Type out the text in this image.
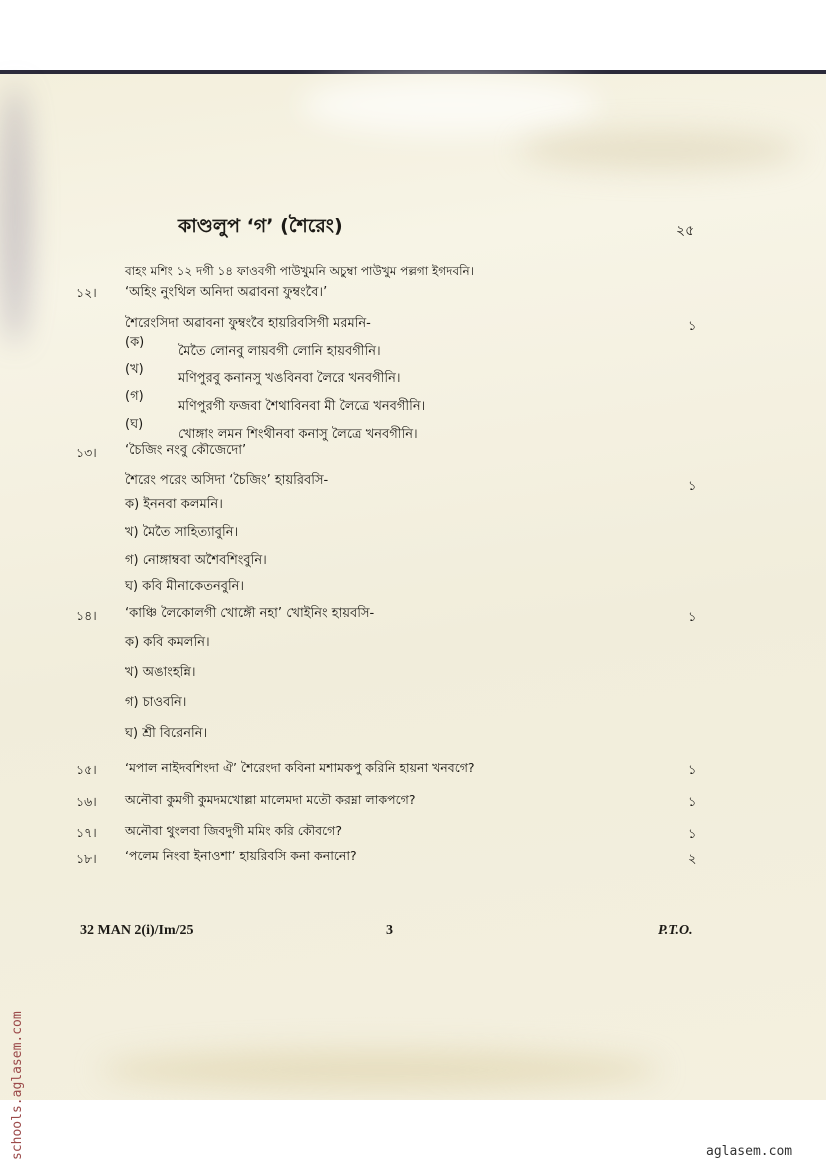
কাণ্ডলুপ ‘গ’ (শৈরেং)	২৫
বাহং মশিং ১২ দগী ১৪ ফাওবগী পাউখুমনি অচুম্বা পাউখুম পল্লগা ইগদবনি।
১২। ‘অহিং নুংথিল অনিদা অৱাবনা ফুম্বংবৈ।’
শৈরেংসিদা অৱাবনা ফুম্বংবৈ হায়রিবসিগী মরমনি-	১
(ক)
মৈতৈ লোনবু লায়বগী লোনি হায়বগীনি।
(খ)
মণিপুরবু কনানসু খঙবিনবা লৈরে খনবগীনি।
(গ)
মণিপুরগী ফজবা শৈথাবিনবা মী লৈত্রে খনবগীনি।
(ঘ)
খোঙ্গাং লমন শিংথীনবা কনাসু লৈত্রে খনবগীনি।
১৩। ‘চৈজিং নংবু কৌজেদো’
শৈরেং পরেং অসিদা ‘চৈজিং’ হায়রিবসি-	১
ক) ইননবা কলমনি।
খ) মৈতৈ সাহিত্যাবুনি।
গ) নোঙ্গাম্ববা অশৈবশিংবুনি।
ঘ) কবি মীনাকেতনবুনি।
১৪। ‘কাঞ্চি লৈকোলগী খোঙ্গৌ নহা’ খোইনিং হায়বসি-	১
ক) কবি কমলনি।
খ) অঙাংহন্নি।
গ) চাওবনি।
ঘ) শ্রী বিরেননি।
১৫। ‘মপাল নাইদবশিংদা ঐ’ শৈরেংদা কবিনা মশামকপু করিনি হায়না খনবগে?	১
১৬। অনৌবা কুমগী কুমদমখোল্লা মালেমদা মতৌ করম্না লাকপগে?	১
১৭। অনৌবা থুংলবা জিবদুগী মমিং করি কৌবগে?	১
১৮। ‘পলেম নিংবা ইনাওশা’ হায়রিবসি কনা কনানো?	২
32 MAN 2(i)/Im/25	3	P.T.O.
schools.aglasem.com	aglasem.com
